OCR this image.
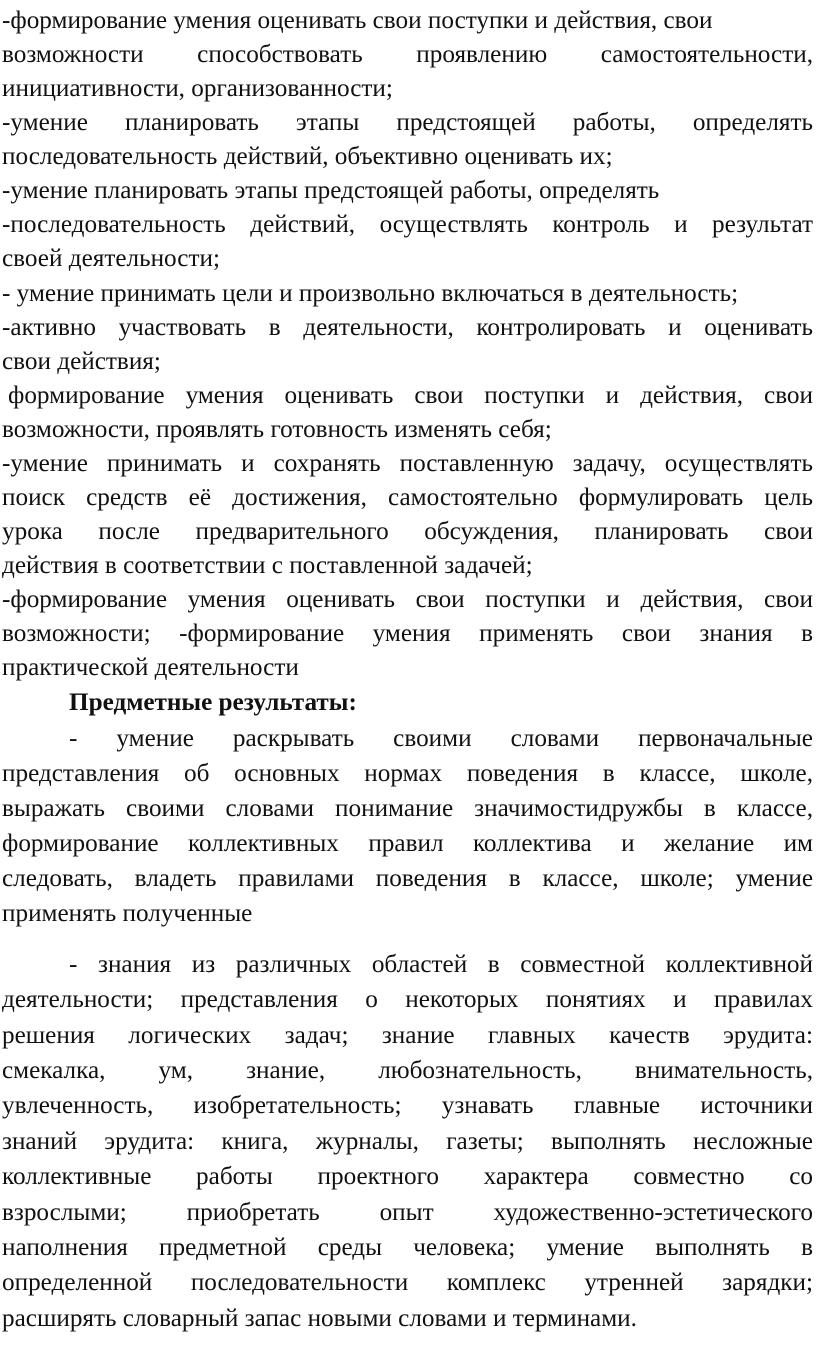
-формирование умения оценивать свои поступки и действия, свои
возможности способствовать проявлению самостоятельности,
инициативности, организованности;
-умение планировать этапы предстоящей работы, определять
последовательность действий, объективно оценивать их;
-умение планировать этапы предстоящей работы, определять
-последовательность действий, осуществлять контроль и результат
своей деятельности;
- умение принимать цели и произвольно включаться в деятельность;
-активно участвовать в деятельности, контролировать и оценивать
свои действия;
формирование умения оценивать свои поступки и действия, свои
возможности, проявлять готовность изменять себя;
-умение принимать и сохранять поставленную задачу, осуществлять
поиск средств её достижения, самостоятельно формулировать цель
урока после предварительного обсуждения, планировать свои
действия в соответствии с поставленной задачей;
-формирование умения оценивать свои поступки и действия, свои
возможности; -формирование умения применять свои знания в
практической деятельности
Предметные результаты:
- умение раскрывать своими словами первоначальные
представления об основных нормах поведения в классе, школе,
выражать своими словами понимание значимостидружбы в классе,
формирование коллективных правил коллектива и желание им
следовать, владеть правилами поведения в классе, школе; умение
применять полученные
- знания из различных областей в совместной коллективной
деятельности; представления о некоторых понятиях и правилах
решения логических задач; знание главных качеств эрудита:
смекалка, ум, знание, любознательность, внимательность,
увлеченность, изобретательность; узнавать главные источники
знаний эрудита: книга, журналы, газеты; выполнять несложные
коллективные работы проектного характера совместно со
взрослыми; приобретать опыт художественно-эстетического
наполнения предметной среды человека; умение выполнять в
определенной последовательности комплекс утренней зарядки;
расширять словарный запас новыми словами и терминами.
